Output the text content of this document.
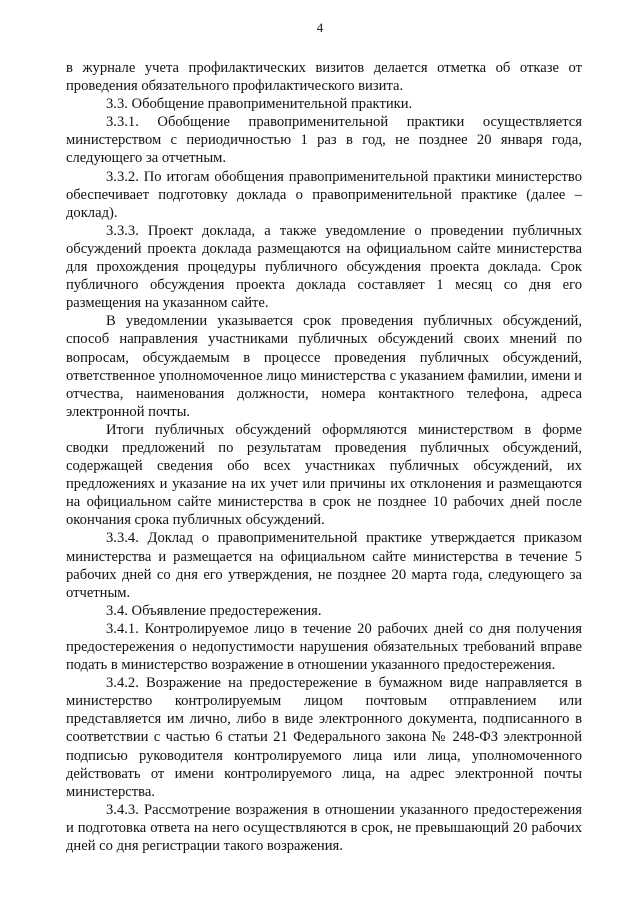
4

в журнале учета профилактических визитов делается отметка об отказе от проведения обязательного профилактического визита.

3.3. Обобщение правоприменительной практики.

3.3.1. Обобщение правоприменительной практики осуществляется министерством с периодичностью 1 раз в год, не позднее 20 января года, следующего за отчетным.

3.3.2. По итогам обобщения правоприменительной практики министерство обеспечивает подготовку доклада о правоприменительной практике (далее – доклад).

3.3.3. Проект доклада, а также уведомление о проведении публичных обсуждений проекта доклада размещаются на официальном сайте министерства для прохождения процедуры публичного обсуждения проекта доклада. Срок публичного обсуждения проекта доклада составляет 1 месяц со дня его размещения на указанном сайте.

В уведомлении указывается срок проведения публичных обсуждений, способ направления участниками публичных обсуждений своих мнений по вопросам, обсуждаемым в процессе проведения публичных обсуждений, ответственное уполномоченное лицо министерства с указанием фамилии, имени и отчества, наименования должности, номера контактного телефона, адреса электронной почты.

Итоги публичных обсуждений оформляются министерством в форме сводки предложений по результатам проведения публичных обсуждений, содержащей сведения обо всех участниках публичных обсуждений, их предложениях и указание на их учет или причины их отклонения и размещаются на официальном сайте министерства в срок не позднее 10 рабочих дней после окончания срока публичных обсуждений.

3.3.4. Доклад о правоприменительной практике утверждается приказом министерства и размещается на официальном сайте министерства в течение 5 рабочих дней со дня его утверждения, не позднее 20 марта года, следующего за отчетным.

3.4. Объявление предостережения.

3.4.1. Контролируемое лицо в течение 20 рабочих дней со дня получения предостережения о недопустимости нарушения обязательных требований вправе подать в министерство возражение в отношении указанного предостережения.

3.4.2. Возражение на предостережение в бумажном виде направляется в министерство контролируемым лицом почтовым отправлением или представляется им лично, либо в виде электронного документа, подписанного в соответствии с частью 6 статьи 21 Федерального закона № 248-ФЗ электронной подписью руководителя контролируемого лица или лица, уполномоченного действовать от имени контролируемого лица, на адрес электронной почты министерства.

3.4.3. Рассмотрение возражения в отношении указанного предостережения и подготовка ответа на него осуществляются в срок, не превышающий 20 рабочих дней со дня регистрации такого возражения.
